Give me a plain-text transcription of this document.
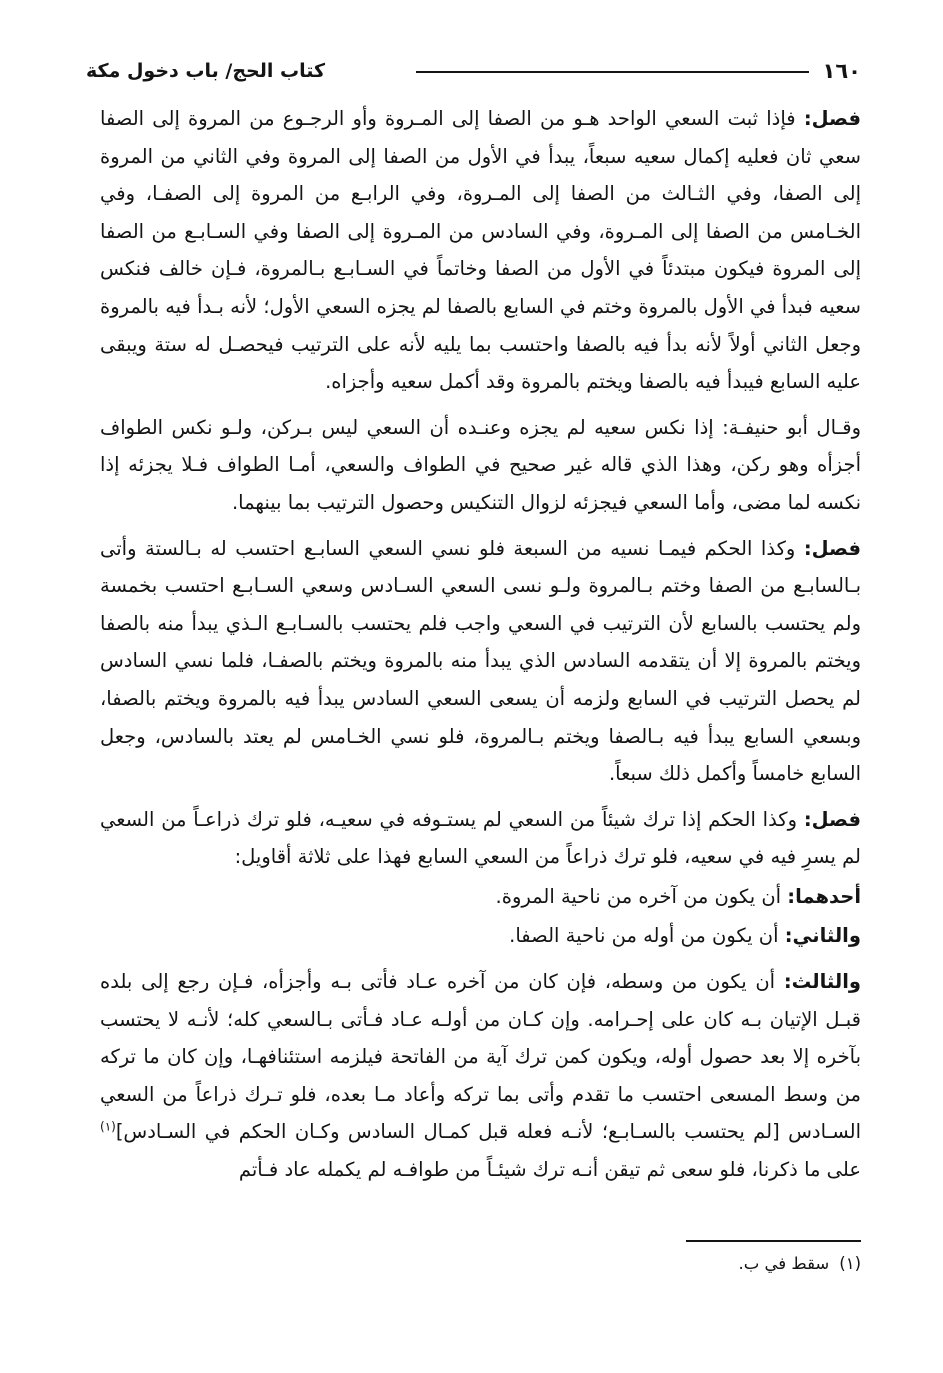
١٦٠
كتاب الحج/ باب دخول مكة

فصل: فإذا ثبت السعي الواحد هـو من الصفا إلى المـروة وأو الرجـوع من المروة إلى الصفا سعي ثان فعليه إكمال سعيه سبعاً، يبدأ في الأول من الصفا إلى المروة وفي الثاني من المروة إلى الصفا، وفي الثـالث من الصفا إلى المـروة، وفي الرابـع من المروة إلى الصفـا، وفي الخـامس من الصفا إلى المـروة، وفي السادس من المـروة إلى الصفا وفي السـابـع من الصفا إلى المروة فيكون مبتدئاً في الأول من الصفا وخاتماً في السـابـع بـالمروة، فـإن خالف فنكس سعيه فبدأ في الأول بالمروة وختم في السابع بالصفا لم يجزه السعي الأول؛ لأنه بـدأ فيه بالمروة وجعل الثاني أولاً لأنه بدأ فيه بالصفا واحتسب بما يليه لأنه على الترتيب فيحصـل له ستة ويبقى عليه السابع فيبدأ فيه بالصفا ويختم بالمروة وقد أكمل سعيه وأجزاه.

وقـال أبو حنيفـة: إذا نكس سعيه لم يجزه وعنـده أن السعي ليس بـركن، ولـو نكس الطواف أجزأه وهو ركن، وهذا الذي قاله غير صحيح في الطواف والسعي، أمـا الطواف فـلا يجزئه إذا نكسه لما مضى، وأما السعي فيجزئه لزوال التنكيس وحصول الترتيب بما بينهما.

فصل: وكذا الحكم فيمـا نسيه من السبعة فلو نسي السعي السابـع احتسب له بـالستة وأتى بـالسابـع من الصفا وختم بـالمروة ولـو نسى السعي السـادس وسعي السـابـع احتسب بخمسة ولم يحتسب بالسابع لأن الترتيب في السعي واجب فلم يحتسب بالسـابـع الـذي يبدأ منه بالصفا ويختم بالمروة إلا أن يتقدمه السادس الذي يبدأ منه بالمروة ويختم بالصفـا، فلما نسي السادس لم يحصل الترتيب في السابع ولزمه أن يسعى السعي السادس يبدأ فيه بالمروة ويختم بالصفا، وبسعي السابع يبدأ فيه بـالصفا ويختم بـالمروة، فلو نسي الخـامس لم يعتد بالسادس، وجعل السابع خامساً وأكمل ذلك سبعاً.

فصل: وكذا الحكم إذا ترك شيئاً من السعي لم يستـوفه في سعيـه، فلو ترك ذراعـاً من السعي لم يسرِ فيه في سعيه، فلو ترك ذراعاً من السعي السابع فهذا على ثلاثة أقاويل:

أحدهما: أن يكون من آخره من ناحية المروة.

والثاني: أن يكون من أوله من ناحية الصفا.

والثالث: أن يكون من وسطه، فإن كان من آخره عـاد فأتى بـه وأجزأه، فـإن رجع إلى بلده قبـل الإتيان بـه كان على إحـرامه. وإن كـان من أولـه عـاد فـأتى بـالسعي كله؛ لأنـه لا يحتسب بآخره إلا بعد حصول أوله، ويكون كمن ترك آية من الفاتحة فيلزمه استئنافهـا، وإن كان ما تركه من وسط المسعى احتسب ما تقدم وأتى بما تركه وأعاد مـا بعده، فلو تـرك ذراعاً من السعي السـادس [لم يحتسب بالسـابـع؛ لأنـه فعله قبل كمـال السادس وكـان الحكم في السـادس]$^{(١)}$ على ما ذكرنا، فلو سعى ثم تيقن أنـه ترك شيئـاً من طوافـه لم يكمله عاد فـأتم

(١)سقط في ب.
